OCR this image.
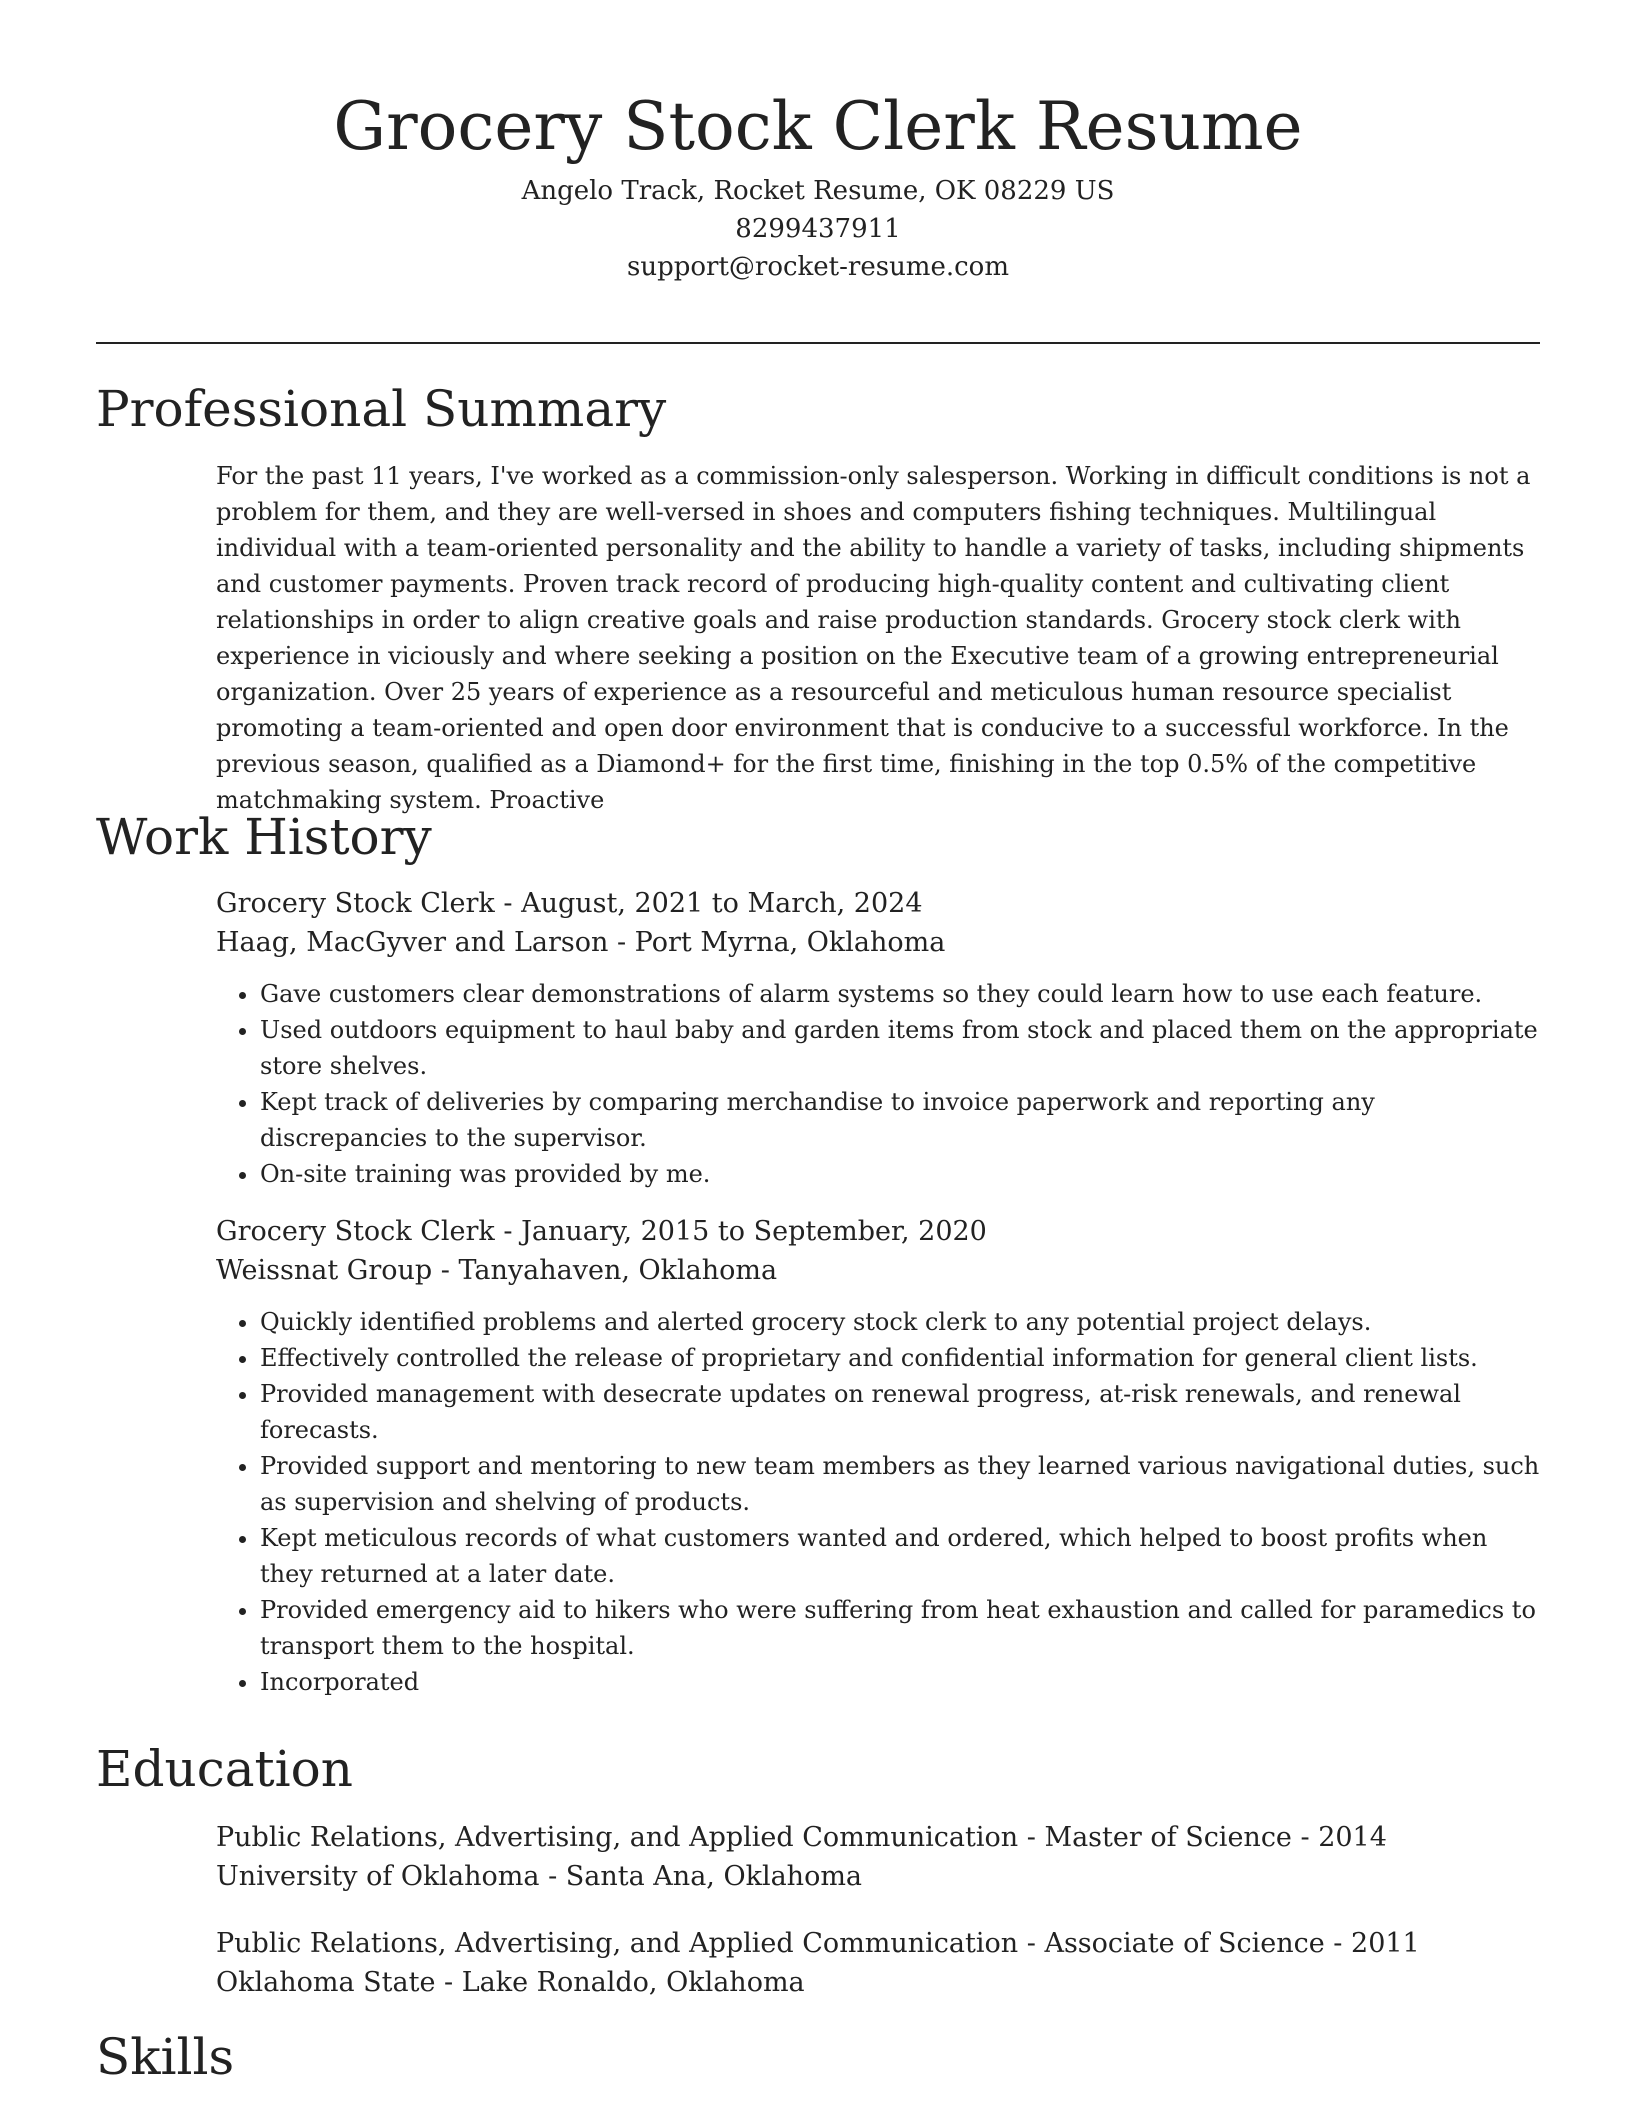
Grocery Stock Clerk Resume

Angelo Track, Rocket Resume, OK 08229 US

8299437911

support@rocket-resume.com

Professional Summary

For the past 11 years, I've worked as a commission-only salesperson. Working in difficult conditions is not a problem for them, and they are well-versed in shoes and computers fishing techniques. Multilingual individual with a team-oriented personality and the ability to handle a variety of tasks, including shipments and customer payments. Proven track record of producing high-quality content and cultivating client relationships in order to align creative goals and raise production standards. Grocery stock clerk with experience in viciously and where seeking a position on the Executive team of a growing entrepreneurial organization. Over 25 years of experience as a resourceful and meticulous human resource specialist promoting a team-oriented and open door environment that is conducive to a successful workforce. In the previous season, qualified as a Diamond+ for the first time, finishing in the top 0.5% of the competitive matchmaking system. Proactive

Work History

Grocery Stock Clerk - August, 2021 to March, 2024

Haag, MacGyver and Larson - Port Myrna, Oklahoma

• Gave customers clear demonstrations of alarm systems so they could learn how to use each feature.
• Used outdoors equipment to haul baby and garden items from stock and placed them on the appropriate store shelves.
• Kept track of deliveries by comparing merchandise to invoice paperwork and reporting any discrepancies to the supervisor.
• On-site training was provided by me.

Grocery Stock Clerk - January, 2015 to September, 2020

Weissnat Group - Tanyahaven, Oklahoma

• Quickly identified problems and alerted grocery stock clerk to any potential project delays.
• Effectively controlled the release of proprietary and confidential information for general client lists.
• Provided management with desecrate updates on renewal progress, at-risk renewals, and renewal forecasts.
• Provided support and mentoring to new team members as they learned various navigational duties, such as supervision and shelving of products.
• Kept meticulous records of what customers wanted and ordered, which helped to boost profits when they returned at a later date.
• Provided emergency aid to hikers who were suffering from heat exhaustion and called for paramedics to transport them to the hospital.
• Incorporated
Education

Public Relations, Advertising, and Applied Communication - Master of Science - 2014

University of Oklahoma - Santa Ana, Oklahoma

Public Relations, Advertising, and Applied Communication - Associate of Science - 2011

Oklahoma State - Lake Ronaldo, Oklahoma

Skills
